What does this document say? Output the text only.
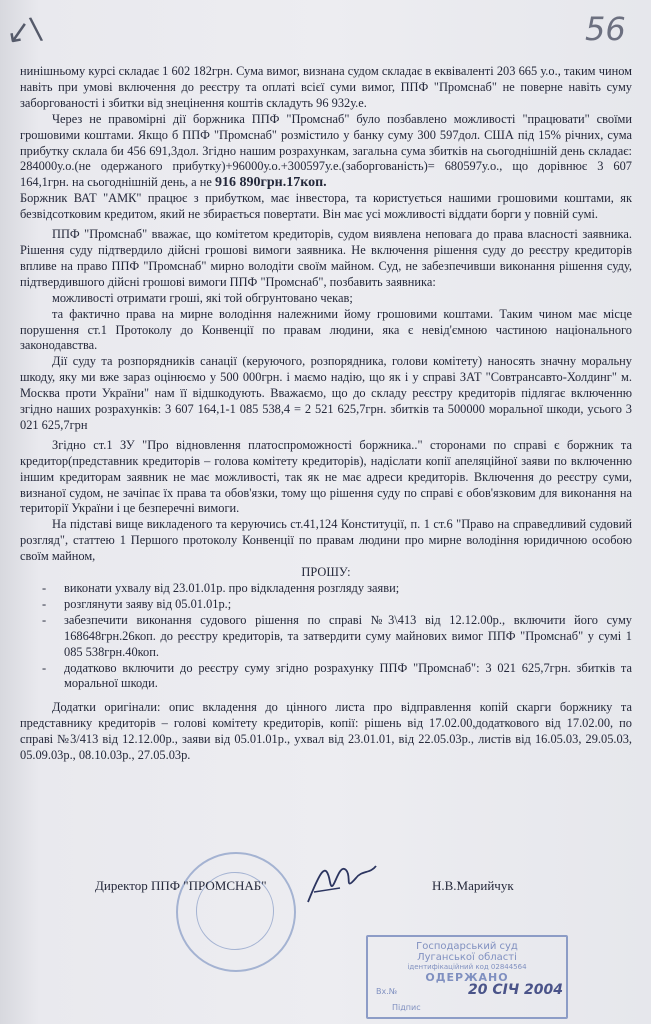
↙\	56

нинішньому курсі складає 1 602 182грн. Сума вимог, визнана судом складає в еквіваленті 203 665 у.о., таким чином навіть при умові включення до реєстру та оплаті всієї суми вимог, ППФ "Промснаб" не поверне навіть суму заборгованості і збитки від знецінення коштів складуть 96 932у.е.

Через не правомірні дії боржника ППФ "Промснаб" було позбавлено можливості "працювати" своїми грошовими коштами. Якщо б ППФ "Промснаб" розмістило у банку суму 300 597дол. США під 15% річних, сума прибутку склала би 456 691,3дол. Згідно нашим розрахункам, загальна сума збитків на сьогоднішній день складає: 284000у.о.(не одержаного прибутку)+96000у.о.+300597у.е.(заборгованість)= 680597у.о., що дорівнює 3 607 164,1грн. на сьогоднішній день, а не 916 890грн.17коп.

Боржник ВАТ "АМК" працює з прибутком, має інвестора, та користується нашими грошовими коштами, як безвідсотковим кредитом, який не збирається повертати. Він має усі можливості віддати борги у повній сумі.

ППФ "Промснаб" вважає, що комітетом кредиторів, судом виявлена неповага до права власності заявника. Рішення суду підтвердило дійсні грошові вимоги заявника. Не включення рішення суду до реєстру кредиторів впливе на право ППФ "Промснаб" мирно володіти своїм майном. Суд, не забезпечивши виконання рішення суду, підтвердившого дійсні грошові вимоги ППФ "Промснаб", позбавить заявника:

можливості отримати гроші, які той обгрунтовано чекав;

та фактично права на мирне володіння належними йому грошовими коштами. Таким чином має місце порушення ст.1 Протоколу до Конвенції по правам людини, яка є невід'ємною частиною національного законодавства.

Дії суду та розпорядників санації (керуючого, розпорядника, голови комітету) наносять значну моральну шкоду, яку ми вже зараз оцінюємо у 500 000грн. і маємо надію, що як і у справі ЗАТ "Совтрансавто-Холдинг" м. Москва проти України" нам її відшкодують. Вважаємо, що до складу реєстру кредиторів підлягає включенню згідно наших розрахунків: 3 607 164,1-1 085 538,4 = 2 521 625,7грн. збитків та 500000 моральної шкоди, усього 3 021 625,7грн

Згідно ст.1 ЗУ "Про відновлення платоспроможності боржника.." сторонами по справі є боржник та кредитор(представник кредиторів – голова комітету кредиторів), надіслати копії апеляційної заяви по включенню іншим кредиторам заявник не має можливості, так як не має адреси кредиторів. Включення до реєстру суми, визнаної судом, не зачіпає їх права та обов'язки, тому що рішення суду по справі є обов'язковим для виконання на території України і це безперечні вимоги.

На підставі вище викладеного та керуючись ст.41,124 Конституції, п. 1 ст.6 "Право на справедливий судовий розгляд", статтею 1 Першого протоколу Конвенції по правам людини про мирне володіння юридичною особою своїм майном,

ПРОШУ:

- виконати ухвалу від 23.01.01р. про відкладення розгляду заяви;
- розглянути заяву від 05.01.01р.;
- забезпечити виконання судового рішення по справі №3\413 від 12.12.00р., включити його суму 168648грн.26коп. до реєстру кредиторів, та затвердити суму майнових вимог ППФ "Промснаб" у сумі 1 085 538грн.40коп.
- додатково включити до реєстру суму згідно розрахунку ППФ "Промснаб": 3 021 625,7грн. збитків та моральної шкоди.

Додатки оригінали: опис вкладення до цінного листа про відправлення копій скарги боржнику та представнику кредиторів – голові комітету кредиторів, копії: рішень від 17.02.00,додаткового від 17.02.00, по справі №3/413 від 12.12.00р., заяви від 05.01.01р., ухвал від 23.01.01, від 22.05.03р., листів від 16.05.03, 29.05.03, 05.09.03р., 08.10.03р., 27.05.03р.

Директор ППФ "ПРОМСНАБ"	Н.В.Марийчук
Господарський суд
Луганської області
ідентифікаційний код 02844564
ОДЕРЖАНО
Вх.№	20 СІЧ 2004
Підпис
